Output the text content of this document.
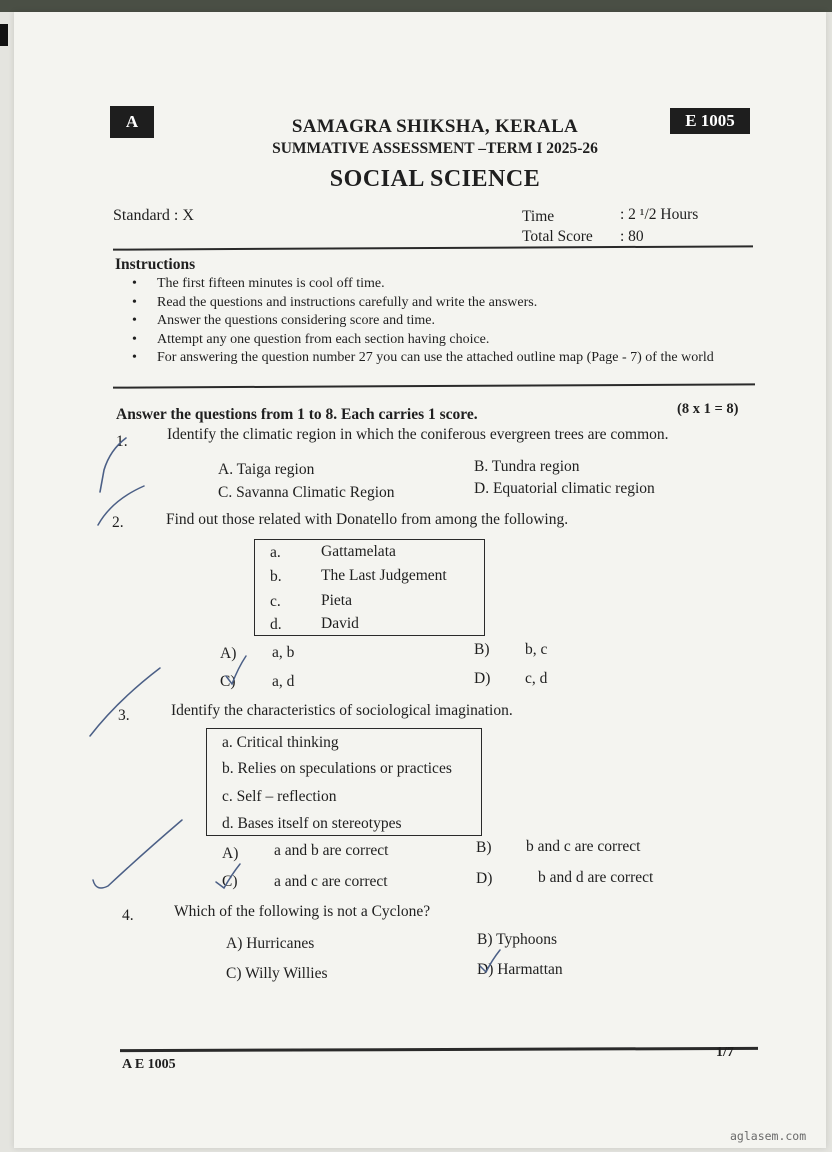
A	E 1005
SAMAGRA SHIKSHA, KERALA
SUMMATIVE ASSESSMENT –TERM I 2025-26
SOCIAL SCIENCE
Standard : X	Time	: 2 ¹/2 Hours
Total Score : 80
Instructions
• The first fifteen minutes is cool off time.
• Read the questions and instructions carefully and write the answers.
• Answer the questions considering score and time.
• Attempt any one question from each section having choice.
• For answering the question number 27 you can use the attached outline map (Page - 7) of the world
Answer the questions from 1 to 8. Each carries 1 score.	(8 x 1 = 8)
1.	Identify the climatic region in which the coniferous evergreen trees are common.
A. Taiga region	B. Tundra region
C. Savanna Climatic Region	D. Equatorial climatic region
2.	Find out those related with Donatello from among the following.
a.	Gattamelata
b.	The Last Judgement
c.	Pieta
d.	David
A) a, b	B) b, c
C) a, d	D) c, d
3.	Identify the characteristics of sociological imagination.
a. Critical thinking
b. Relies on speculations or practices
c. Self – reflection
d. Bases itself on stereotypes
A) a and b are correct	B) b and c are correct
C) a and c are correct	D)	b and d are correct
4.	Which of the following is not a Cyclone?
A) Hurricanes	B) Typhoons
C) Willy Willies	D) Harmattan
A E 1005
1/7
aglasem.com
